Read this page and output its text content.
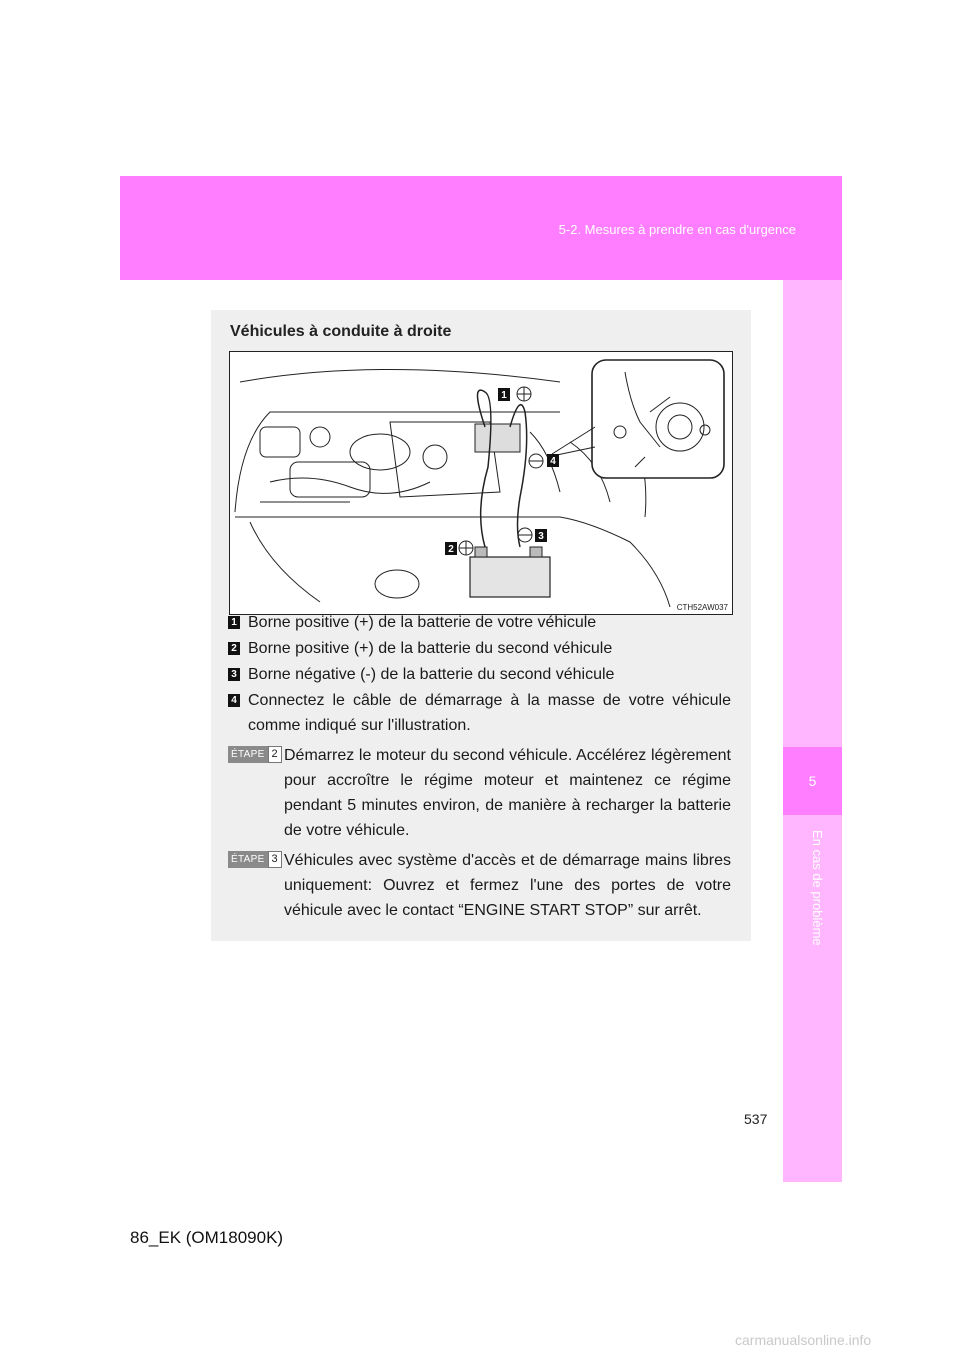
5-2. Mesures à prendre en cas d'urgence
5
En cas de problème
Véhicules à conduite à droite
1
4
2
3
CTH52AW037
1 Borne positive (+) de la batterie de votre véhicule
2 Borne positive (+) de la batterie du second véhicule
3 Borne négative (-) de la batterie du second véhicule
4 Connectez le câble de démarrage à la masse de votre véhicule comme indiqué sur l'illustration.
ÉTAPE 2 Démarrez le moteur du second véhicule. Accélérez légèrement pour accroître le régime moteur et maintenez ce régime pendant 5 minutes environ, de manière à recharger la batterie de votre véhicule.
ÉTAPE 3 Véhicules avec système d'accès et de démarrage mains libres uniquement: Ouvrez et fermez l'une des portes de votre véhicule avec le contact “ENGINE START STOP” sur arrêt.
537
86_EK (OM18090K)
carmanualsonline.info
